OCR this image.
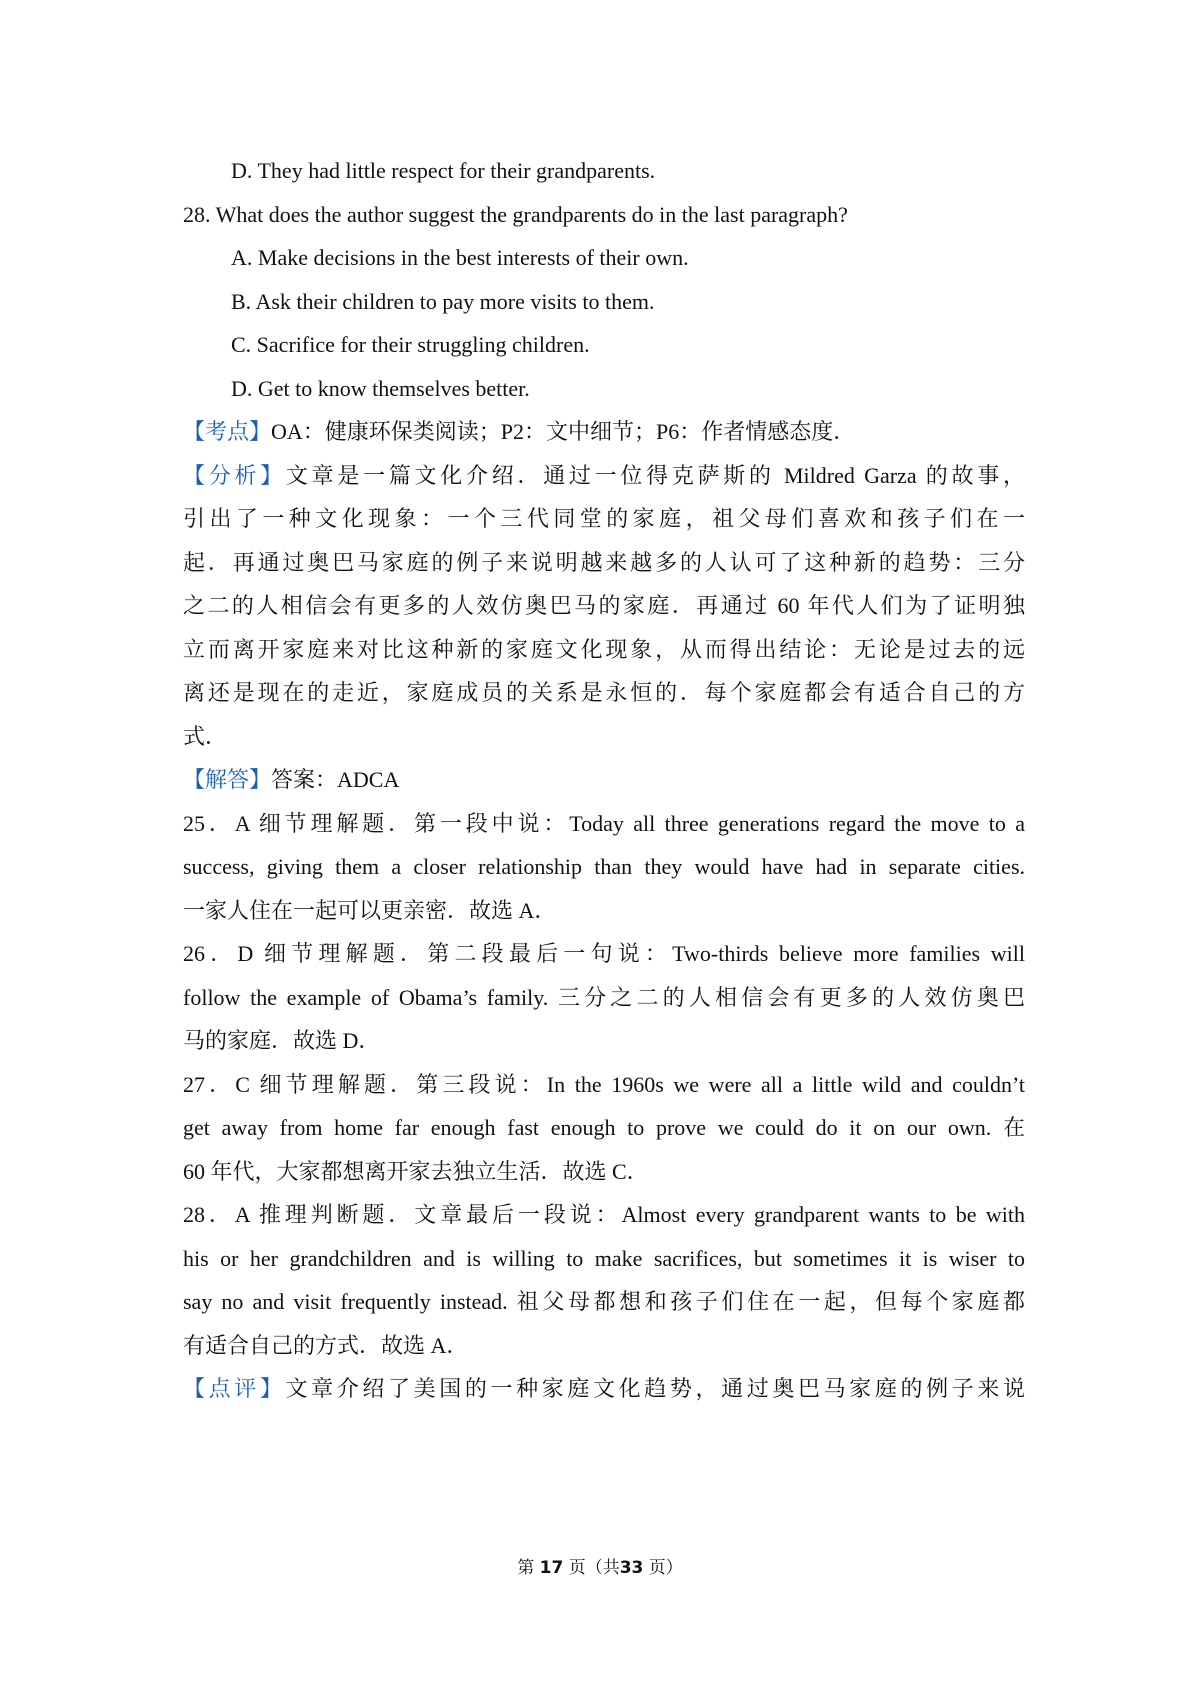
D. They had little respect for their grandparents.
28. What does the author suggest the grandparents do in the last paragraph?
A. Make decisions in the best interests of their own.
B. Ask their children to pay more visits to them.
C. Sacrifice for their struggling children.
D. Get to know themselves better.
【考点】OA：健康环保类阅读；P2：文中细节；P6：作者情感态度．
【分析】文章是一篇文化介绍．通过一位得克萨斯的 Mildred Garza 的故事，
引出了一种文化现象：一个三代同堂的家庭，祖父母们喜欢和孩子们在一
起．再通过奥巴马家庭的例子来说明越来越多的人认可了这种新的趋势：三分
之二的人相信会有更多的人效仿奥巴马的家庭．再通过 60 年代人们为了证明独
立而离开家庭来对比这种新的家庭文化现象，从而得出结论：无论是过去的远
离还是现在的走近，家庭成员的关系是永恒的．每个家庭都会有适合自己的方
式．
【解答】答案：ADCA
25．A 细节理解题．第一段中说：Today all three generations regard the move to a
success, giving them a closer relationship than they would have had in separate cities.
一家人住在一起可以更亲密．故选 A．
26．D 细节理解题．第二段最后一句说：Two-thirds believe more families will
follow the example of Obama’s family. 三分之二的人相信会有更多的人效仿奥巴
马的家庭．故选 D．
27．C 细节理解题．第三段说：In the 1960s we were all a little wild and couldn’t
get away from home far enough fast enough to prove we could do it on our own. 在
60 年代，大家都想离开家去独立生活．故选 C．
28．A 推理判断题．文章最后一段说：Almost every grandparent wants to be with
his or her grandchildren and is willing to make sacrifices, but sometimes it is wiser to
say no and visit frequently instead. 祖父母都想和孩子们住在一起，但每个家庭都
有适合自己的方式．故选 A．
【点评】文章介绍了美国的一种家庭文化趋势，通过奥巴马家庭的例子来说
第 17 页（共33 页）
